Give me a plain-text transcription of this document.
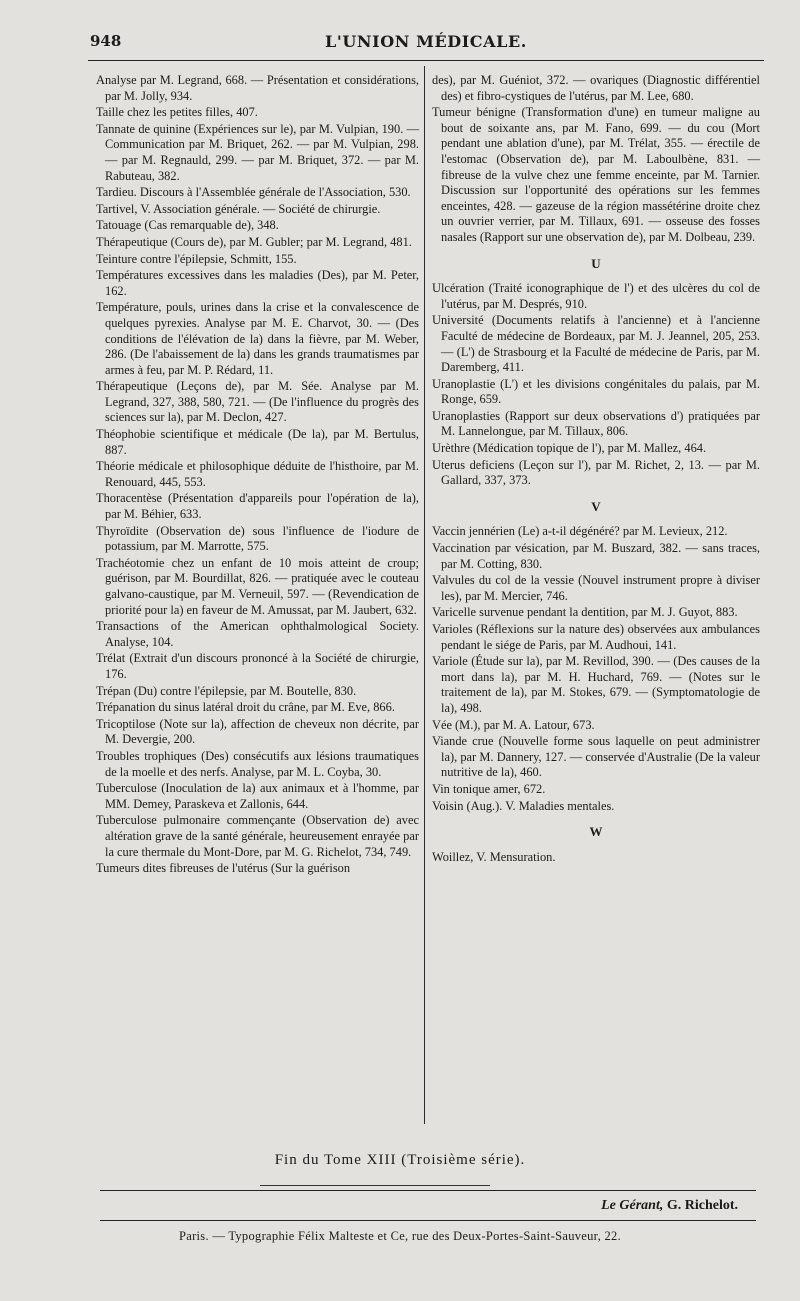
948	L'UNION MÉDICALE.

Analyse par M. Legrand, 668. — Présentation et considérations, par M. Jolly, 934.

Taille chez les petites filles, 407.

Tannate de quinine (Expériences sur le), par M. Vulpian, 190. — Communication par M. Briquet, 262. — par M. Vulpian, 298. — par M. Regnauld, 299. — par M. Briquet, 372. — par M. Rabuteau, 382.

Tardieu. Discours à l'Assemblée générale de l'Association, 530.

Tartivel, V. Association générale. — Société de chirurgie.

Tatouage (Cas remarquable de), 348.

Thérapeutique (Cours de), par M. Gubler; par M. Legrand, 481.

Teinture contre l'épilepsie, Schmitt, 155.

Températures excessives dans les maladies (Des), par M. Peter, 162.

Température, pouls, urines dans la crise et la convalescence de quelques pyrexies. Analyse par M. E. Charvot, 30. — (Des conditions de l'élévation de la) dans la fièvre, par M. Weber, 286. (De l'abaissement de la) dans les grands traumatismes par armes à feu, par M. P. Rédard, 11.

Thérapeutique (Leçons de), par M. Sée. Analyse par M. Legrand, 327, 388, 580, 721. — (De l'influence du progrès des sciences sur la), par M. Declon, 427.

Théophobie scientifique et médicale (De la), par M. Bertulus, 887.

Théorie médicale et philosophique déduite de l'histhoire, par M. Renouard, 445, 553.

Thoracentèse (Présentation d'appareils pour l'opération de la), par M. Béhier, 633.

Thyroïdite (Observation de) sous l'influence de l'iodure de potassium, par M. Marrotte, 575.

Trachéotomie chez un enfant de 10 mois atteint de croup; guérison, par M. Bourdillat, 826. — pratiquée avec le couteau galvano-caustique, par M. Verneuil, 597. — (Revendication de priorité pour la) en faveur de M. Amussat, par M. Jaubert, 632.

Transactions of the American ophthalmological Society. Analyse, 104.

Trélat (Extrait d'un discours prononcé à la Société de chirurgie, 176.

Trépan (Du) contre l'épilepsie, par M. Boutelle, 830.

Trépanation du sinus latéral droit du crâne, par M. Eve, 866.

Tricoptilose (Note sur la), affection de cheveux non décrite, par M. Devergie, 200.

Troubles trophiques (Des) consécutifs aux lésions traumatiques de la moelle et des nerfs. Analyse, par M. L. Coyba, 30.

Tuberculose (Inoculation de la) aux animaux et à l'homme, par MM. Demey, Paraskeva et Zallonis, 644.

Tuberculose pulmonaire commençante (Observation de) avec altération grave de la santé générale, heureusement enrayée par la cure thermale du Mont-Dore, par M. G. Richelot, 734, 749.

Tumeurs dites fibreuses de l'utérus (Sur la guérison

des), par M. Guéniot, 372. — ovariques (Diagnostic différentiel des) et fibro-cystiques de l'utérus, par M. Lee, 680.

Tumeur bénigne (Transformation d'une) en tumeur maligne au bout de soixante ans, par M. Fano, 699. — du cou (Mort pendant une ablation d'une), par M. Trélat, 355. — érectile de l'estomac (Observation de), par M. Laboulbène, 831. — fibreuse de la vulve chez une femme enceinte, par M. Tarnier. Discussion sur l'opportunité des opérations sur les femmes enceintes, 428. — gazeuse de la région massétérine droite chez un ouvrier verrier, par M. Tillaux, 691. — osseuse des fosses nasales (Rapport sur une observation de), par M. Dolbeau, 239.

U

Ulcération (Traité iconographique de l') et des ulcères du col de l'utérus, par M. Després, 910.

Université (Documents relatifs à l'ancienne) et à l'ancienne Faculté de médecine de Bordeaux, par M. J. Jeannel, 205, 253. — (L') de Strasbourg et la Faculté de médecine de Paris, par M. Daremberg, 411.

Uranoplastie (L') et les divisions congénitales du palais, par M. Ronge, 659.

Uranoplasties (Rapport sur deux observations d') pratiquées par M. Lannelongue, par M. Tillaux, 806.

Urèthre (Médication topique de l'), par M. Mallez, 464.

Uterus deficiens (Leçon sur l'), par M. Richet, 2, 13. — par M. Gallard, 337, 373.

V

Vaccin jennérien (Le) a-t-il dégénéré? par M. Levieux, 212.

Vaccination par vésication, par M. Buszard, 382. — sans traces, par M. Cotting, 830.

Valvules du col de la vessie (Nouvel instrument propre à diviser les), par M. Mercier, 746.

Varicelle survenue pendant la dentition, par M. J. Guyot, 883.

Varioles (Réflexions sur la nature des) observées aux ambulances pendant le siége de Paris, par M. Audhoui, 141.

Variole (Étude sur la), par M. Revillod, 390. — (Des causes de la mort dans la), par M. H. Huchard, 769. — (Notes sur le traitement de la), par M. Stokes, 679. — (Symptomatologie de la), 498.

Vée (M.), par M. A. Latour, 673.

Viande crue (Nouvelle forme sous laquelle on peut administrer la), par M. Dannery, 127. — conservée d'Australie (De la valeur nutritive de la), 460.

Vin tonique amer, 672.

Voisin (Aug.). V. Maladies mentales.

W

Woillez, V. Mensuration.

Fin du Tome XIII (Troisième série).
Le Gérant, G. Richelot.
Paris. — Typographie Félix Malteste et Ce, rue des Deux-Portes-Saint-Sauveur, 22.
